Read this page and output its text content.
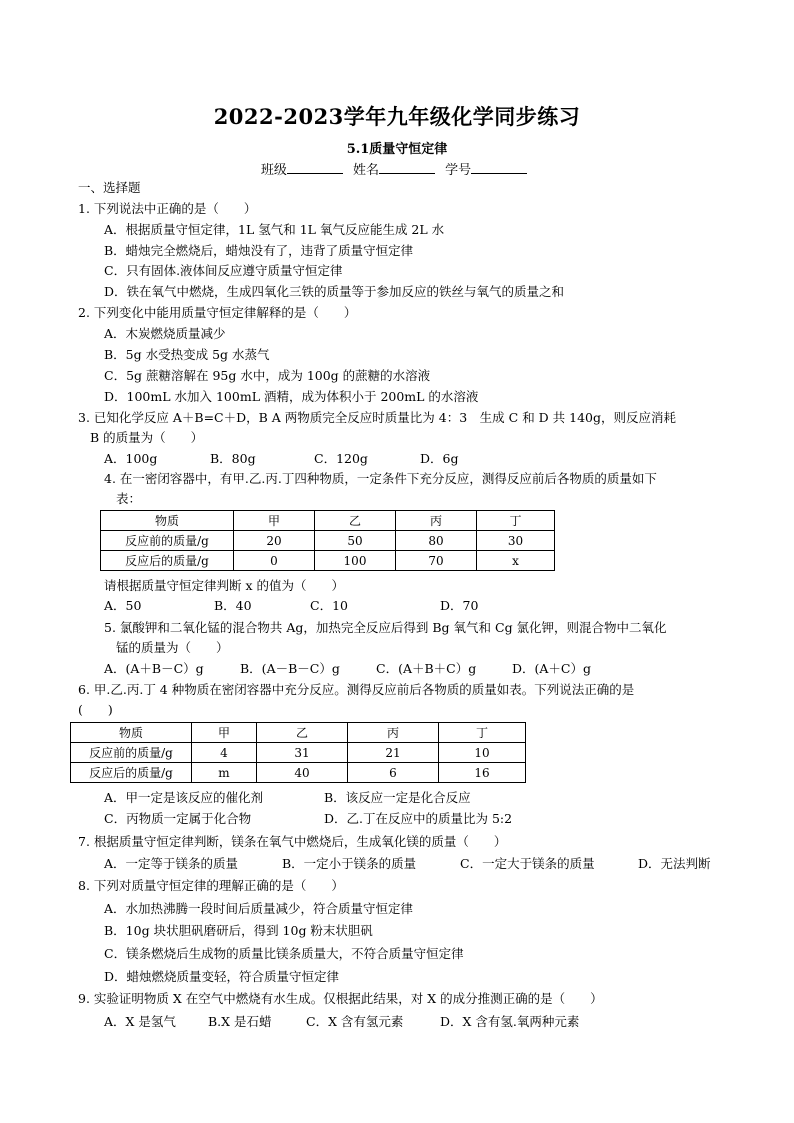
2022-2023学年九年级化学同步练习
5.1质量守恒定律
班级	姓名	学号
一、选择题
1. 下列说法中正确的是（　　）
A．根据质量守恒定律，1L 氢气和 1L 氧气反应能生成 2L 水
B．蜡烛完全燃烧后，蜡烛没有了，违背了质量守恒定律
C．只有固体.液体间反应遵守质量守恒定律
D．铁在氧气中燃烧，生成四氧化三铁的质量等于参加反应的铁丝与氧气的质量之和
2. 下列变化中能用质量守恒定律解释的是（　　）
A．木炭燃烧质量减少
B．5g 水受热变成 5g 水蒸气
C．5g 蔗糖溶解在 95g 水中，成为 100g 的蔗糖的水溶液
D．100mL 水加入 100mL 酒精，成为体积小于 200mL 的水溶液
3. 已知化学反应 A＋B=C＋D，B A 两物质完全反应时质量比为 4：3　生成 C 和 D 共 140g，则反应消耗
B 的质量为（　　）
A．100g	B．80g	C．120g	D．6g
4. 在一密闭容器中，有甲.乙.丙.丁四种物质，一定条件下充分反应，测得反应前后各物质的质量如下
表：
物质	甲	乙	丙	丁
反应前的质量/g	20	50	80	30
反应后的质量/g	0	100	70	x
请根据质量守恒定律判断 x 的值为（　　）
A．50	B．40	C．10	D．70
5. 氯酸钾和二氧化锰的混合物共 Ag，加热完全反应后得到 Bg 氧气和 Cg 氯化钾，则混合物中二氧化
锰的质量为（　　）
A．(A＋B－C）g	B．(A－B－C）g	C．(A＋B＋C）g	D．(A＋C）g
6. 甲.乙.丙.丁 4 种物质在密闭容器中充分反应。测得反应前后各物质的质量如表。下列说法正确的是
(　　)
物质	甲	乙	丙	丁
反应前的质量/g	4	31	21	10
反应后的质量/g	m	40	6	16
A．甲一定是该反应的催化剂	B．该反应一定是化合反应
C．丙物质一定属于化合物	D．乙.丁在反应中的质量比为 5:2
7. 根据质量守恒定律判断，镁条在氧气中燃烧后，生成氧化镁的质量（　　）
A．一定等于镁条的质量	B．一定小于镁条的质量	C．一定大于镁条的质量	D．无法判断
8. 下列对质量守恒定律的理解正确的是（　　）
A．水加热沸腾一段时间后质量减少，符合质量守恒定律
B．10g 块状胆矾磨研后，得到 10g 粉末状胆矾
C．镁条燃烧后生成物的质量比镁条质量大，不符合质量守恒定律
D．蜡烛燃烧质量变轻，符合质量守恒定律
9. 实验证明物质 X 在空气中燃烧有水生成。仅根据此结果，对 X 的成分推测正确的是（　　）
A．X 是氢气	B.X 是石蜡	C．X 含有氢元素	D．X 含有氢.氧两种元素
